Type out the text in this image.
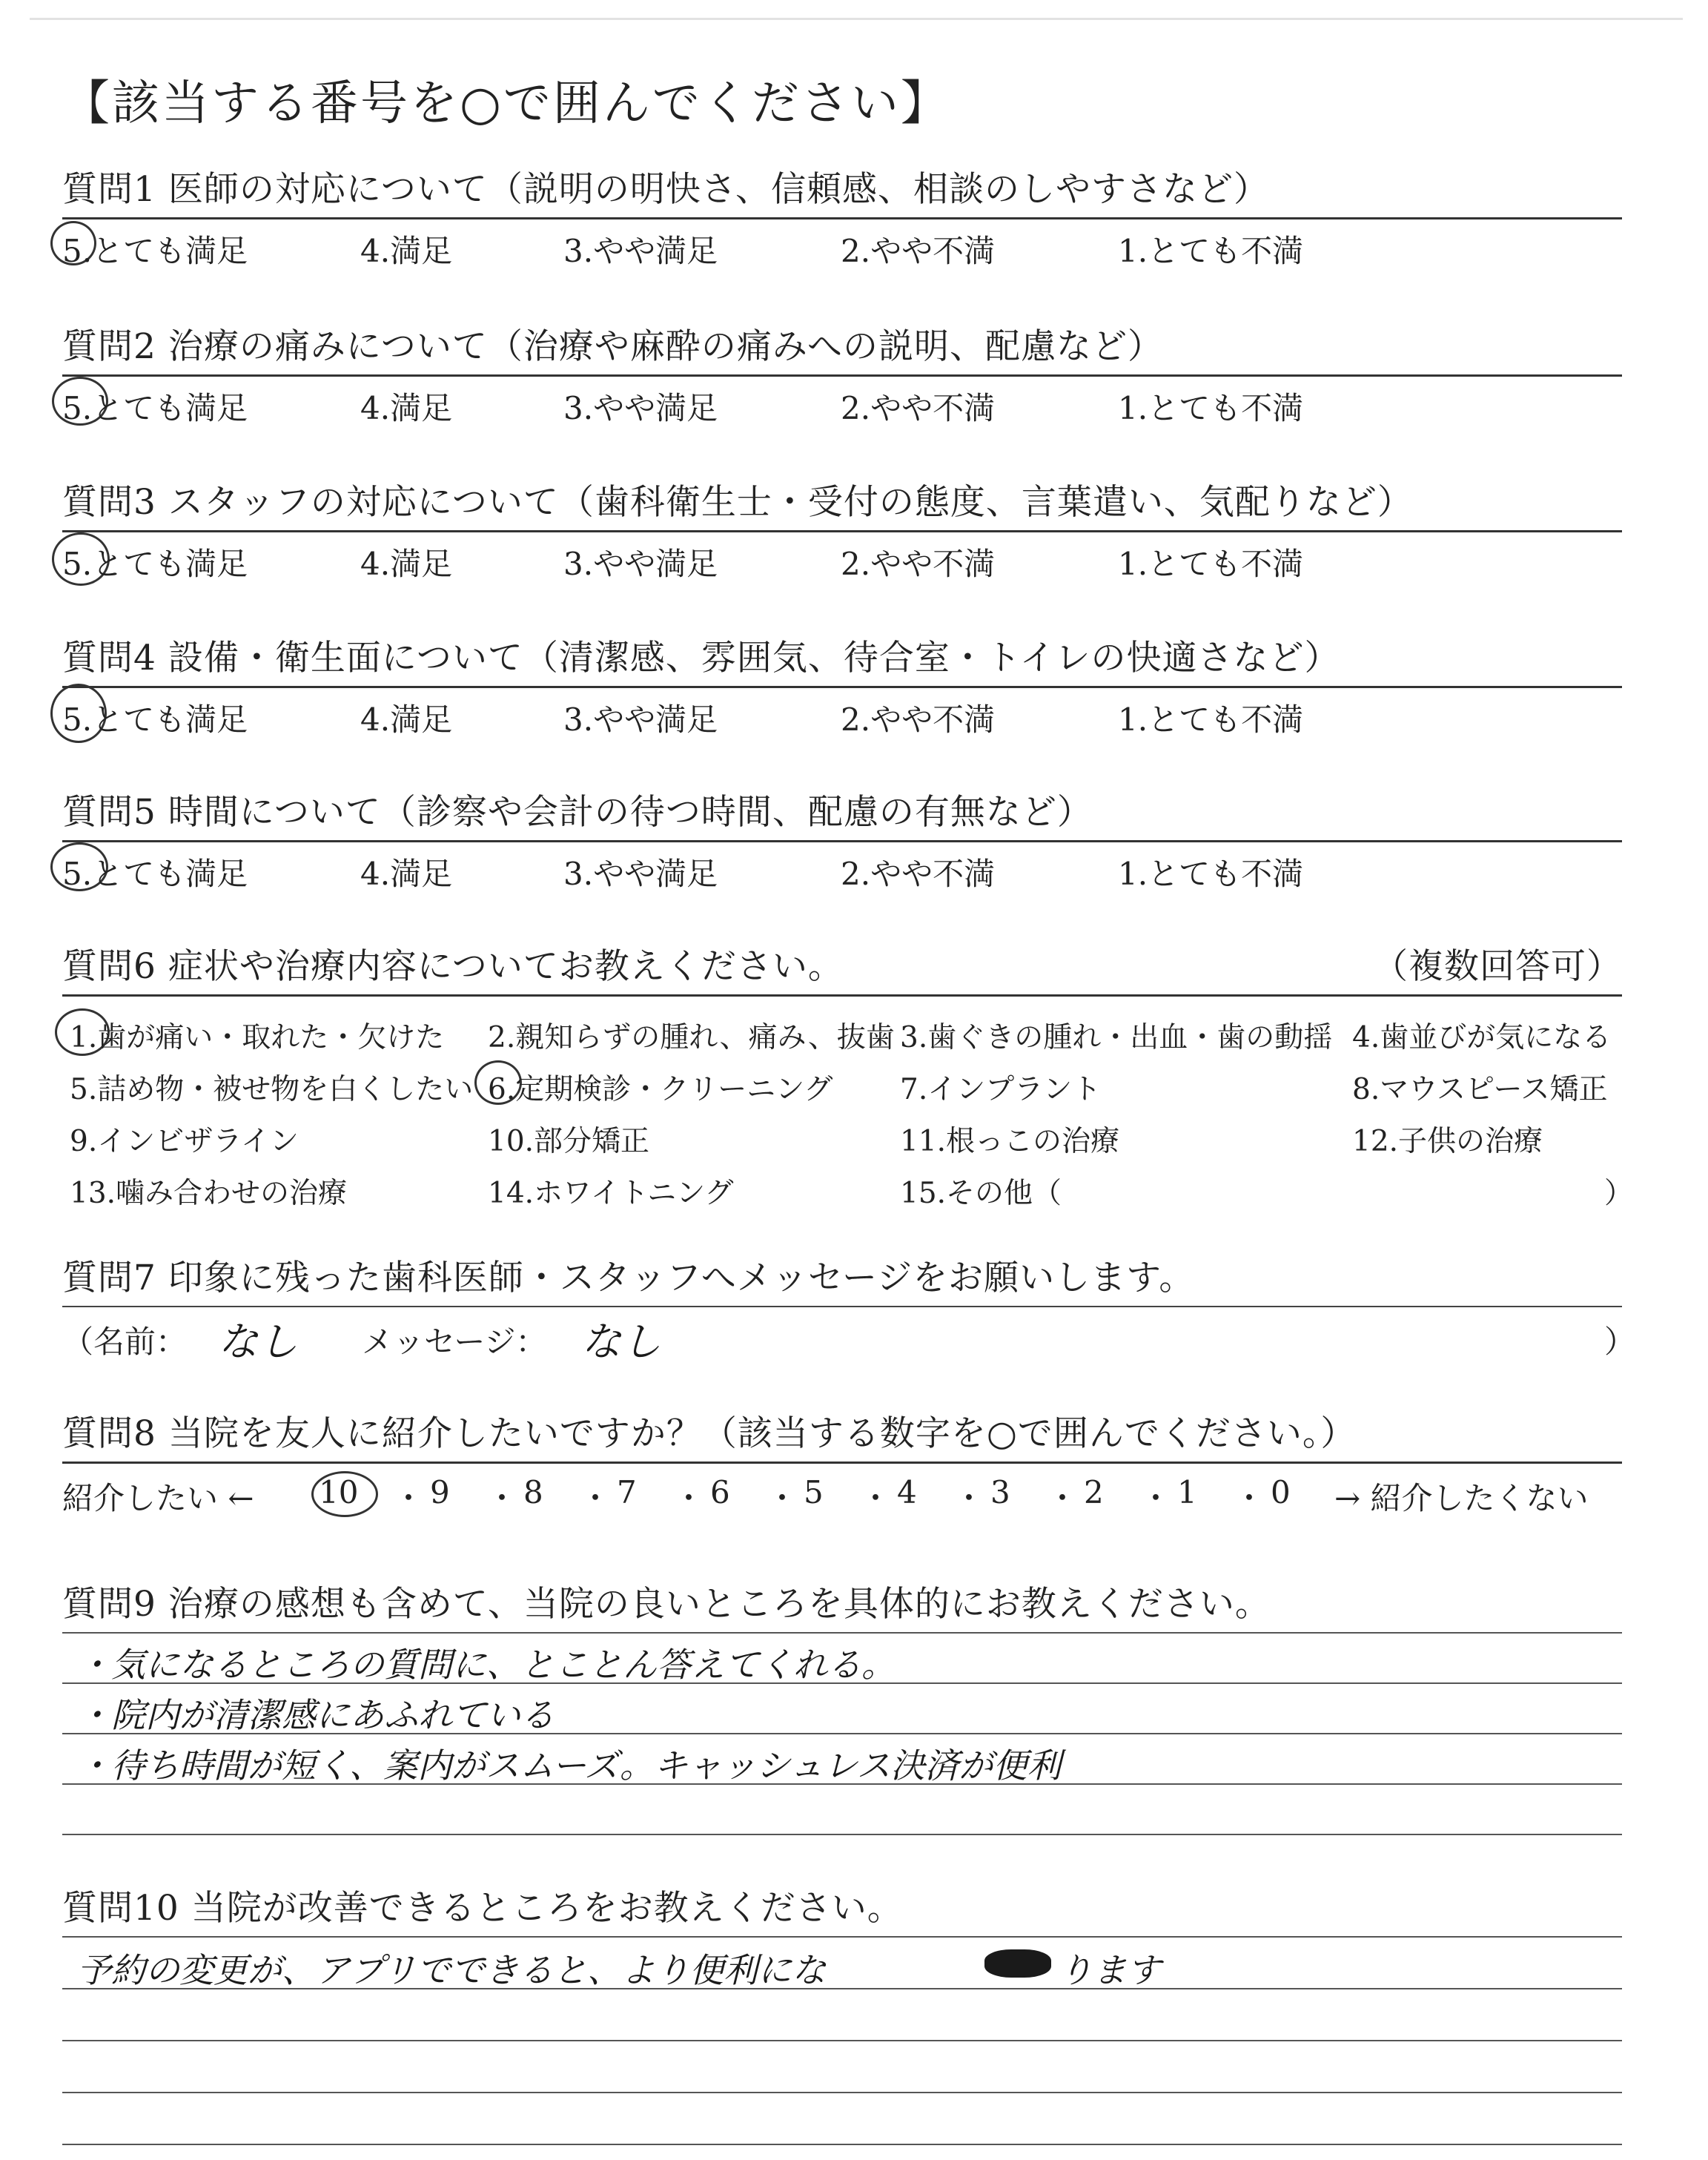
【該当する番号を○で囲んでください】
質問1 医師の対応について（説明の明快さ、信頼感、相談のしやすさなど）
5.とても満足	4.満足	3.やや満足	2.やや不満	1.とても不満
質問2 治療の痛みについて（治療や麻酔の痛みへの説明、配慮など）
5.とても満足	4.満足	3.やや満足	2.やや不満	1.とても不満
質問3 スタッフの対応について（歯科衛生士・受付の態度、言葉遣い、気配りなど）
5.とても満足	4.満足	3.やや満足	2.やや不満	1.とても不満
質問4 設備・衛生面について（清潔感、雰囲気、待合室・トイレの快適さなど）
5.とても満足	4.満足	3.やや満足	2.やや不満	1.とても不満
質問5 時間について（診察や会計の待つ時間、配慮の有無など）
5.とても満足	4.満足	3.やや満足	2.やや不満	1.とても不満
質問6 症状や治療内容についてお教えください。	（複数回答可）
1.歯が痛い・取れた・欠けた 2.親知らずの腫れ、痛み、抜歯 3.歯ぐきの腫れ・出血・歯の動揺 4.歯並びが気になる
5.詰め物・被せ物を白くしたい 6.定期検診・クリーニング 7.インプラント	8.マウスピース矯正
9.インビザライン	10.部分矯正	11.根っこの治療	12.子供の治療
13.噛み合わせの治療	14.ホワイトニング	15.その他（	）
質問7 印象に残った歯科医師・スタッフへメッセージをお願いします。
（名前： なし メッセージ： なし	）
質問8 当院を友人に紹介したいですか？（該当する数字を○で囲んでください。）
紹介したい ← 10 ・ 9 ・ 8 ・ 7 ・ 6 ・ 5 ・ 4 ・ 3 ・ 2 ・ 1 ・ 0 → 紹介したくない
質問9 治療の感想も含めて、当院の良いところを具体的にお教えください。
・気になるところの質問に、とことん答えてくれる。
・院内が清潔感にあふれている
・待ち時間が短く、案内がスムーズ。キャッシュレス決済が便利
質問10 当院が改善できるところをお教えください。
予約の変更が、アプリでできると、より便利にな	ります
